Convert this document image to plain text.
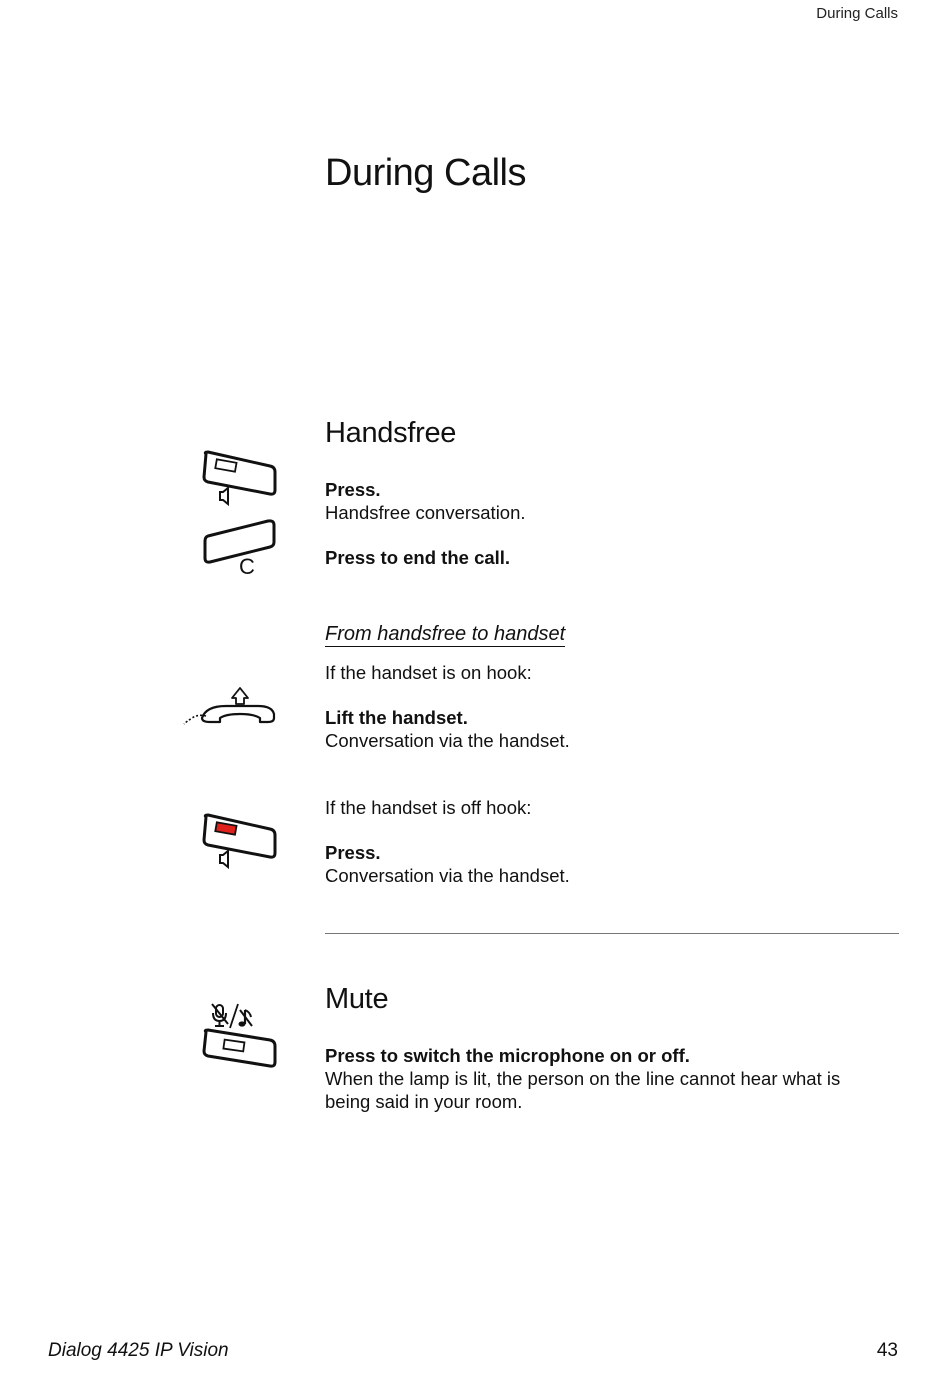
During Calls
During Calls
Handsfree
Press.
Handsfree conversation.
C	Press to end the call.
From handsfree to handset
If the handset is on hook:
Lift the handset.
Conversation via the handset.
If the handset is off hook:
Press.
Conversation via the handset.
Mute
Press to switch the microphone on or off.
When the lamp is lit, the person on the line cannot hear what is being said in your room.
Dialog 4425 IP Vision	43
